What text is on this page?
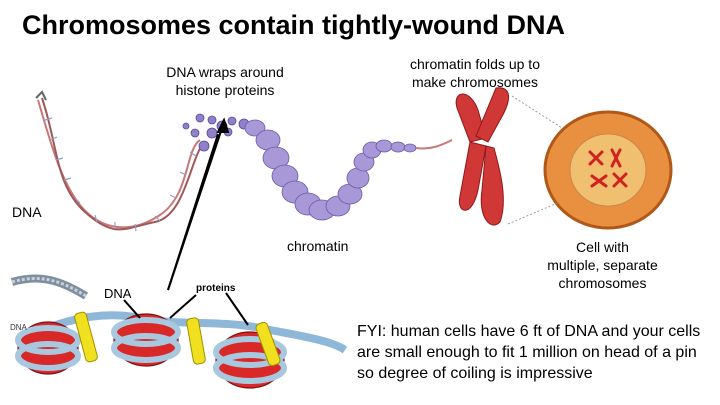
Chromosomes contain tightly-wound DNA
DNA wraps around
histone proteins
chromatin folds up to
make chromosomes
DNA
chromatin	Cell with
multiple, separate
chromosomes
DNA
DNA	proteins
FYI: human cells have 6 ft of DNA and your cells are small enough to fit 1 million on head of a pin so degree of coiling is impressive
